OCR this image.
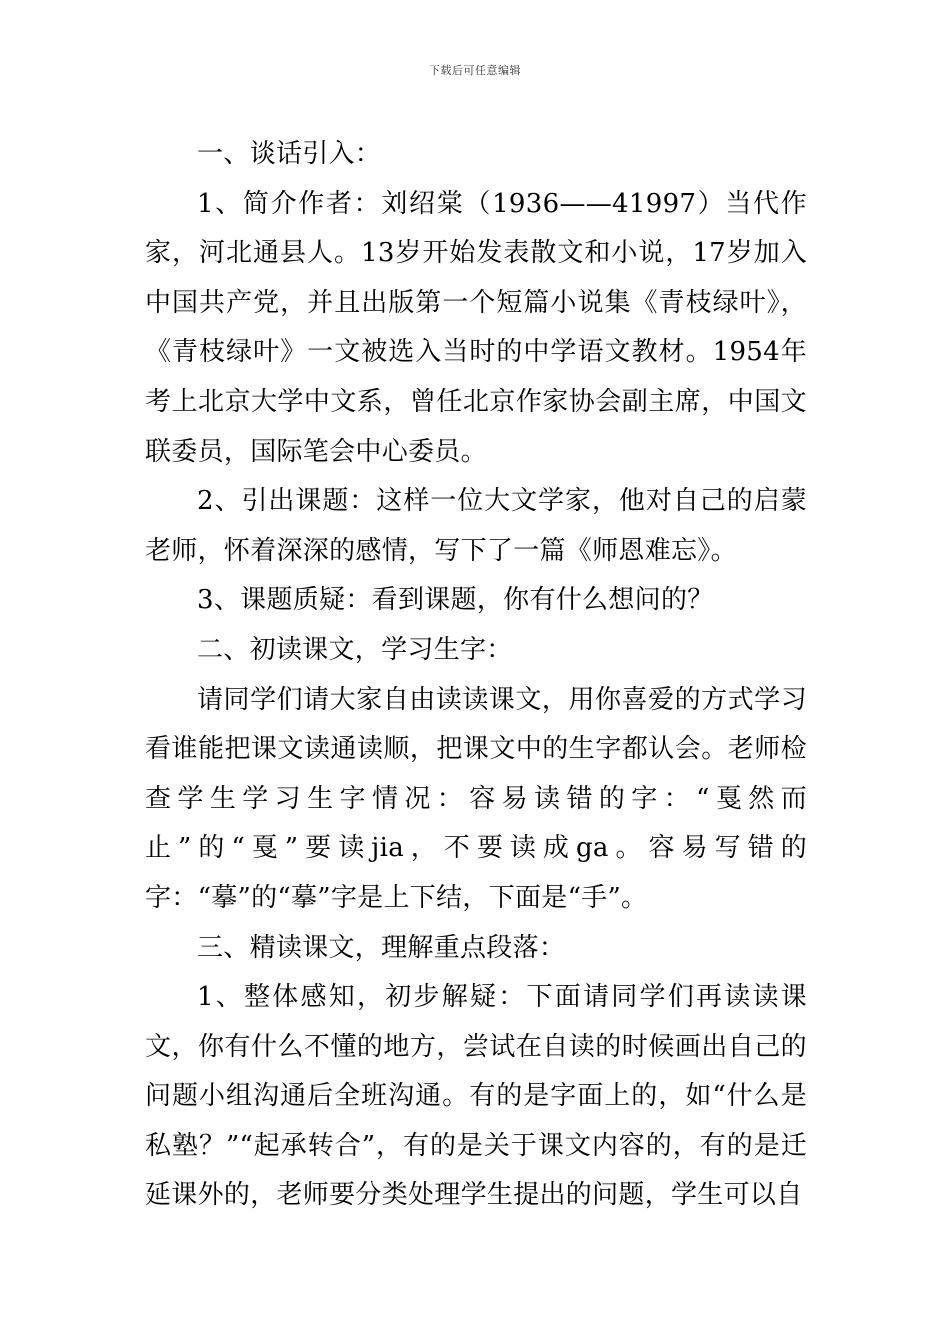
下载后可任意编辑

一、谈话引入：

1、简介作者：刘绍棠（1936——41997）当代作家，河北通县人。13岁开始发表散文和小说，17岁加入中国共产党，并且出版第一个短篇小说集《青枝绿叶》，《青枝绿叶》一文被选入当时的中学语文教材。1954年考上北京大学中文系，曾任北京作家协会副主席，中国文联委员，国际笔会中心委员。

2、引出课题：这样一位大文学家，他对自己的启蒙老师，怀着深深的感情，写下了一篇《师恩难忘》。

3、课题质疑：看到课题，你有什么想问的？

二、初读课文，学习生字：

请同学们请大家自由读读课文，用你喜爱的方式学习看谁能把课文读通读顺，把课文中的生字都认会。老师检查学生学习生字情况：容易读错的字：“戛然而止”的“戛”要读jia，不要读成ga。容易写错的字：“摹”的“摹”字是上下结，下面是“手”。

三、精读课文，理解重点段落：

1、整体感知，初步解疑：下面请同学们再读读课文，你有什么不懂的地方，尝试在自读的时候画出自己的问题小组沟通后全班沟通。有的是字面上的，如“什么是私塾？”“起承转合”，有的是关于课文内容的，有的是迁延课外的，老师要分类处理学生提出的问题，学生可以自
